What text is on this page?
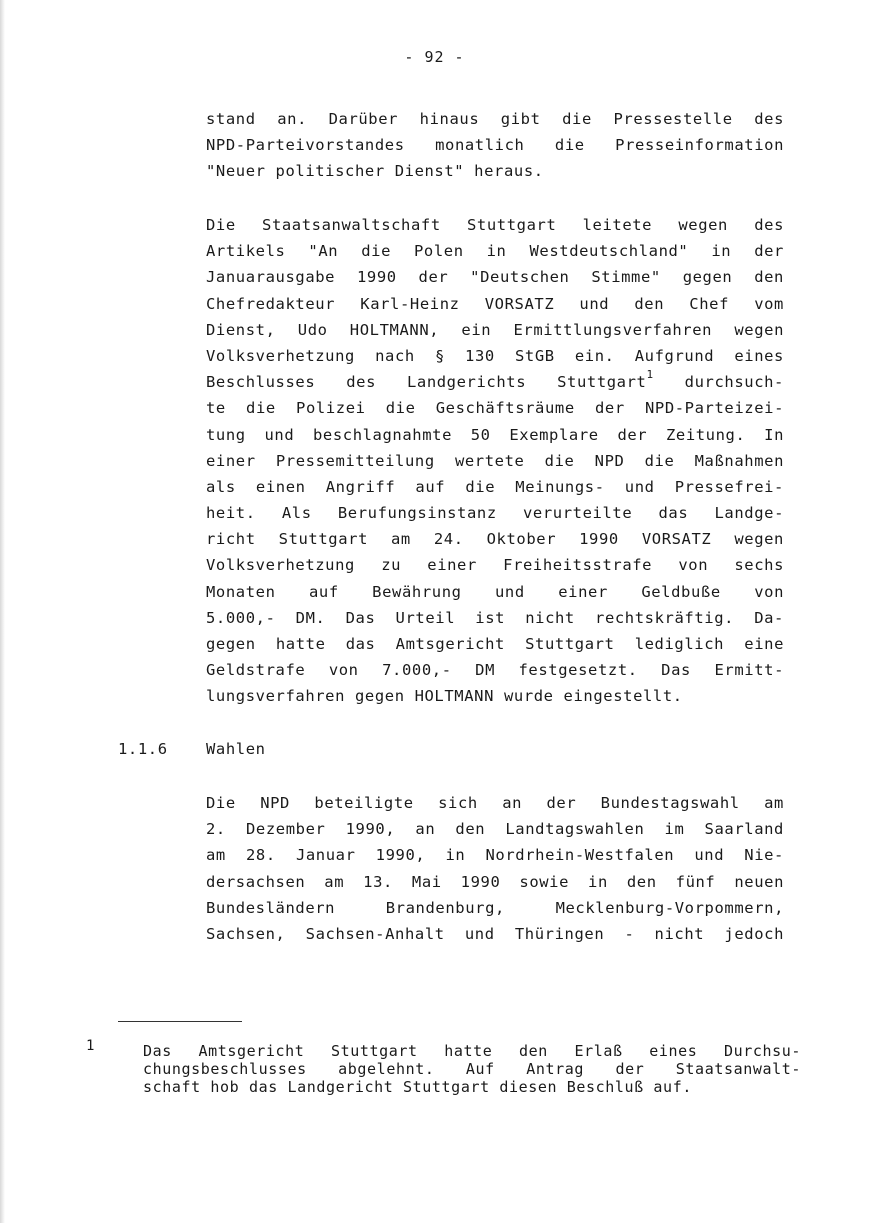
- 92 -
stand an. Darüber hinaus gibt die Pressestelle des
NPD-Parteivorstandes monatlich die Presseinformation
"Neuer politischer Dienst" heraus.
Die Staatsanwaltschaft Stuttgart leitete wegen des
Artikels "An die Polen in Westdeutschland" in der
Januarausgabe 1990 der "Deutschen Stimme" gegen den
Chefredakteur Karl-Heinz VORSATZ und den Chef vom
Dienst, Udo HOLTMANN, ein Ermittlungsverfahren wegen
Volksverhetzung nach § 130 StGB ein. Aufgrund eines
Beschlusses des Landgerichts Stuttgart$^1$ durchsuch-
te die Polizei die Geschäftsräume der NPD-Parteizei-
tung und beschlagnahmte 50 Exemplare der Zeitung. In
einer Pressemitteilung wertete die NPD die Maßnahmen
als einen Angriff auf die Meinungs- und Pressefrei-
heit. Als Berufungsinstanz verurteilte das Landge-
richt Stuttgart am 24. Oktober 1990 VORSATZ wegen
Volksverhetzung zu einer Freiheitsstrafe von sechs
Monaten auf Bewährung und einer Geldbuße von
5.000,- DM. Das Urteil ist nicht rechtskräftig. Da-
gegen hatte das Amtsgericht Stuttgart lediglich eine
Geldstrafe von 7.000,- DM festgesetzt. Das Ermitt-
lungsverfahren gegen HOLTMANN wurde eingestellt.
1.1.6 Wahlen
Die NPD beteiligte sich an der Bundestagswahl am
2. Dezember 1990, an den Landtagswahlen im Saarland
am 28. Januar 1990, in Nordrhein-Westfalen und Nie-
dersachsen am 13. Mai 1990 sowie in den fünf neuen
Bundesländern Brandenburg, Mecklenburg-Vorpommern,
Sachsen, Sachsen-Anhalt und Thüringen - nicht jedoch
1	Das Amtsgericht Stuttgart hatte den Erlaß eines Durchsu-
chungsbeschlusses abgelehnt. Auf Antrag der Staatsanwalt-
schaft hob das Landgericht Stuttgart diesen Beschluß auf.
